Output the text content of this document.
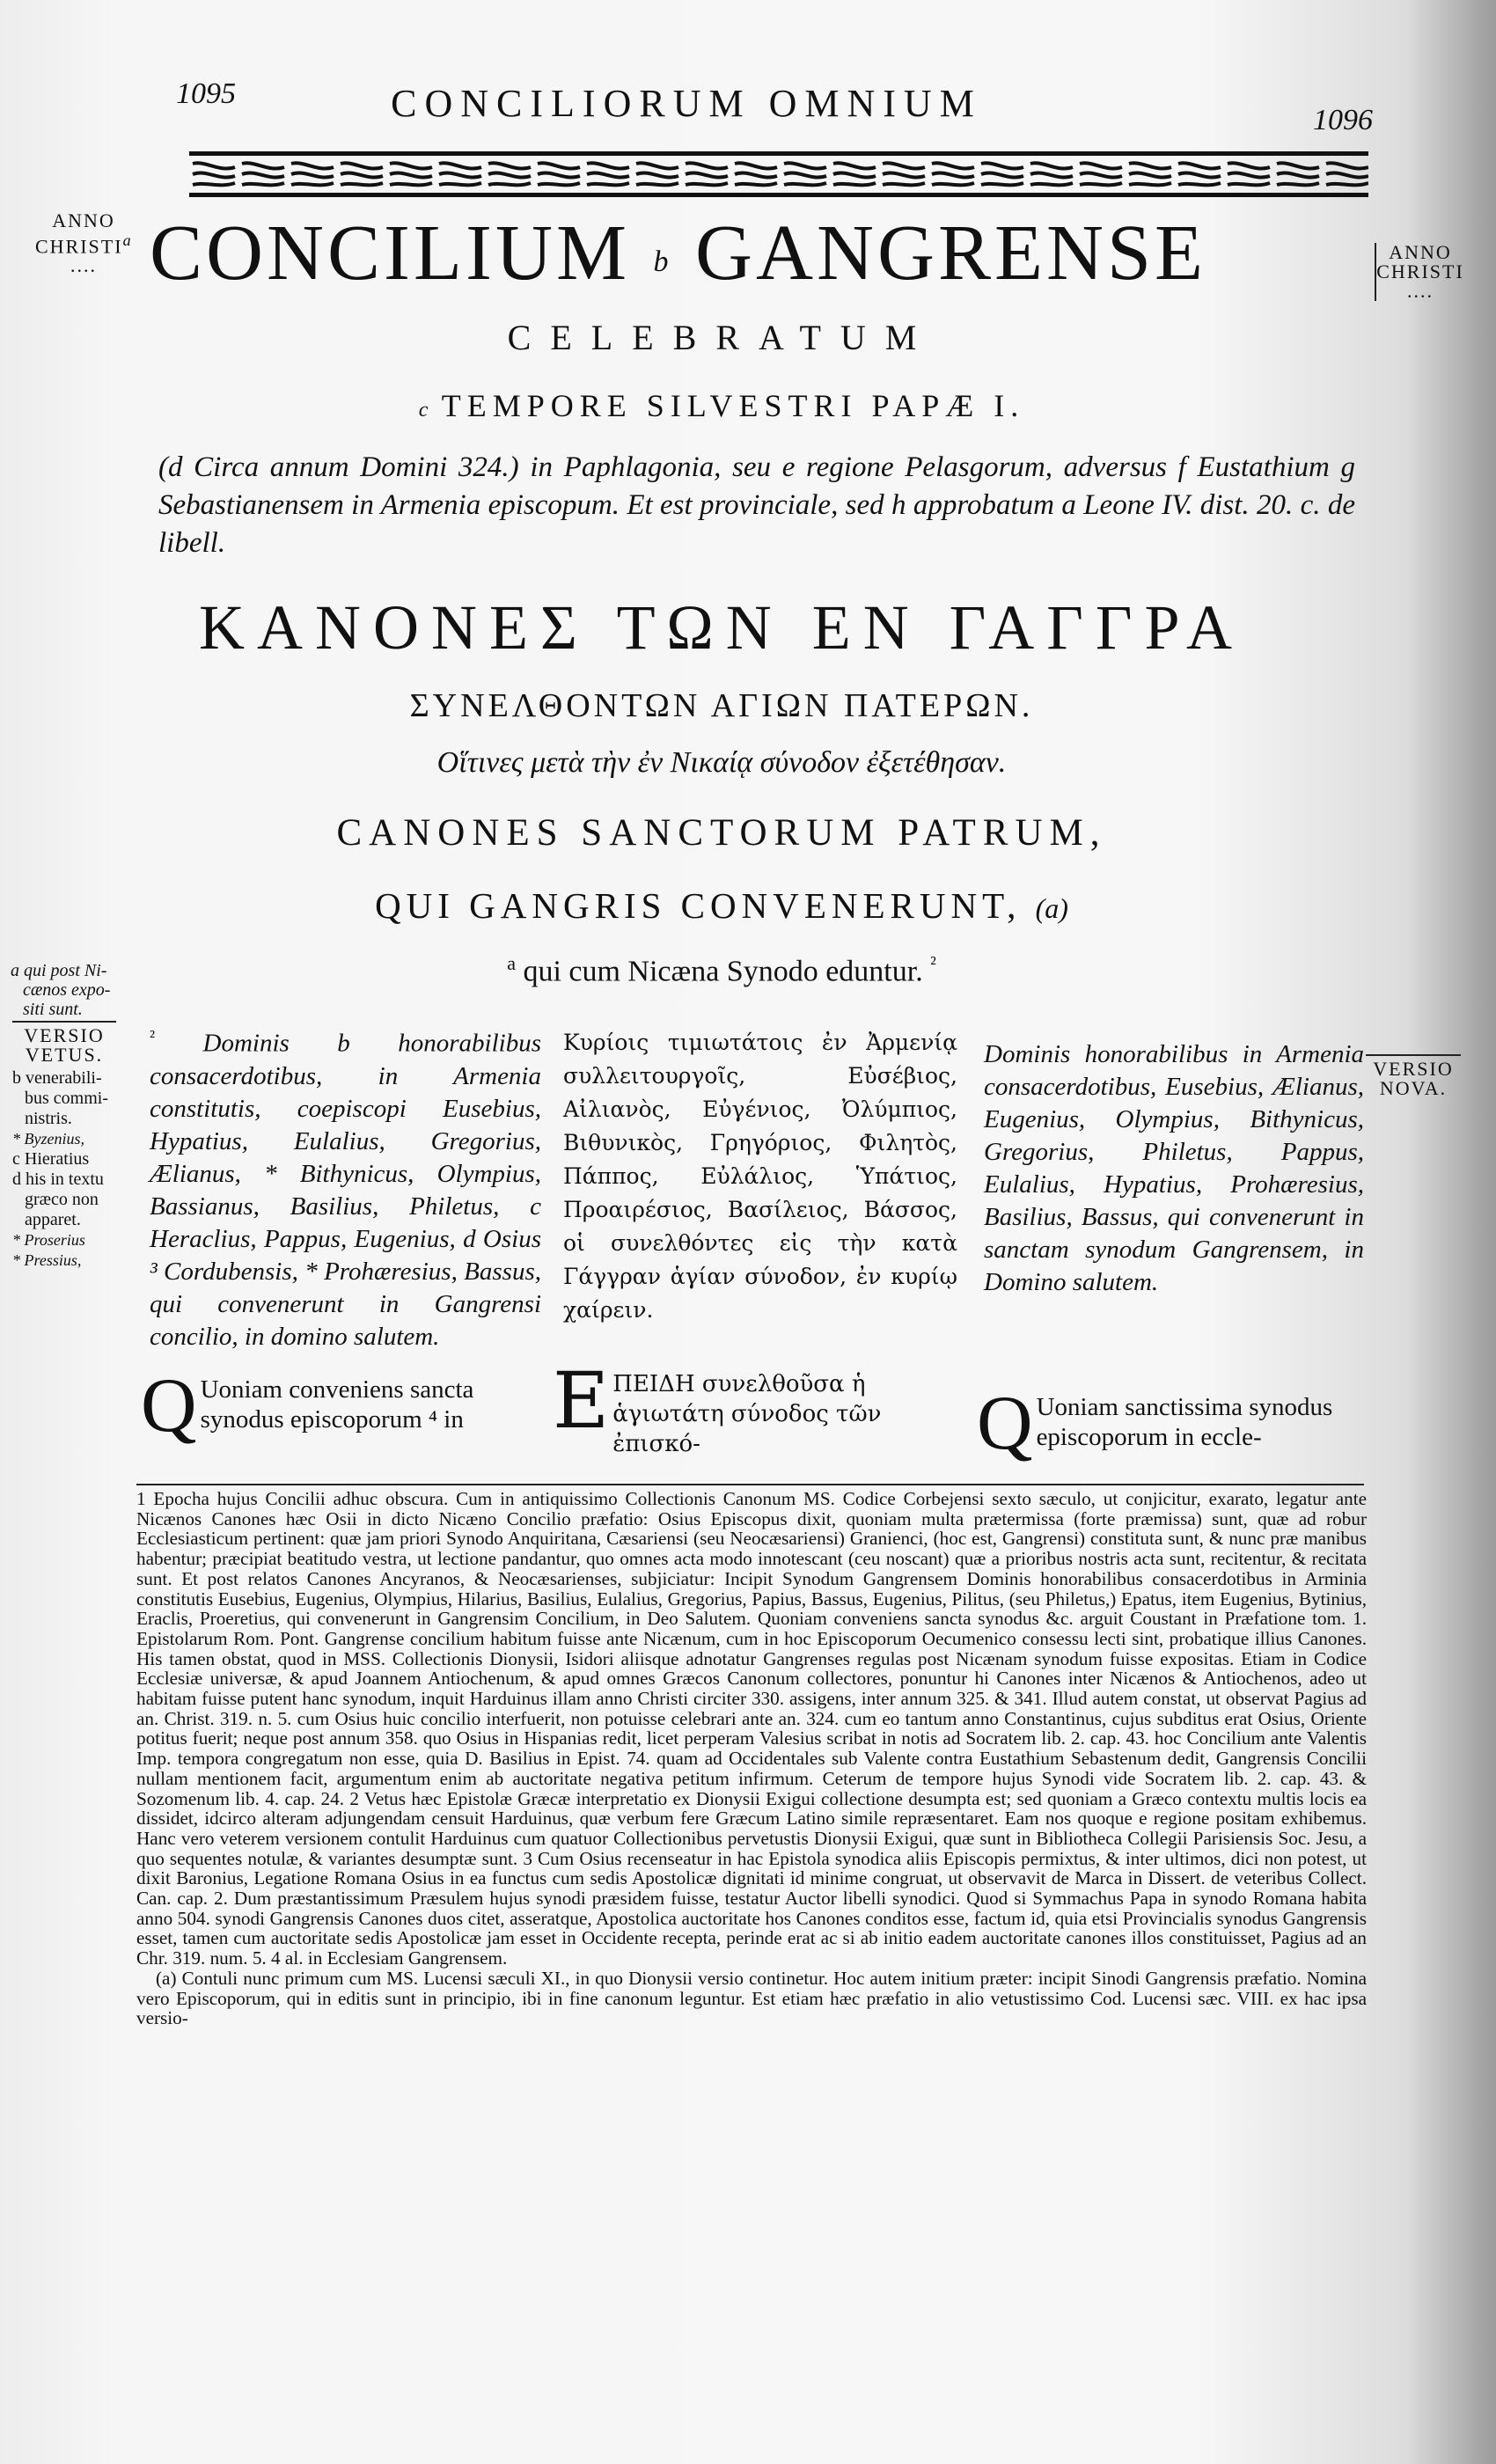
1095	CONCILIORUM OMNIUM	1096
ANNO
CHRISTI$^a$
.... CONCILIUM $^b$ GANGRENSE	ANNO
CHRISTI
....
CELEBRATUM
c TEMPORE SILVESTRI PAPÆ I.
(d Circa annum Domini 324.) in Paphlagonia, seu e regione Pelasgorum, adversus f Eustathium g Sebastianensem in Armenia episcopum. Et est provinciale, sed h approbatum a Leone IV. dist. 20. c. de libell.
ΚΑΝΟΝΕΣ ΤΩΝ ΕΝ ΓΑΓΓΡΑ
ΣΥΝΕΛΘΟΝΤΩΝ ΑΓΙΩΝ ΠΑΤΕΡΩΝ.
Οἵτινες μετὰ τὴν ἐν Νικαίᾳ σύνοδον ἐξετέθησαν.
CANONES SANCTORUM PATRUM,
QUI GANGRIS CONVENERUNT, (a)
$^a$ qui cum Nicæna Synodo eduntur. $^{^2}$
a qui post Ni-
cænos expo-
siti sunt.
VERSIO
VETUS.
b venerabili-
bus commi-
nistris.
* Byzenius,
c Hieratius
d his in textu
græco non
apparet.
* Proserius
* Pressius,
VERSIO
NOVA.
$^{^2}$ Dominis b honorabilibus consacerdotibus, in Armenia constitutis, coepiscopi Eusebius, Hypatius, Eulalius, Gregorius, Ælianus, * Bithynicus, Olympius, Bassianus, Basilius, Philetus, c Heraclius, Pappus, Eugenius, d Osius ³ Cordubensis, * Prohæresius, Bassus, qui convenerunt in Gangrensi concilio, in domino salutem.
Κυρίοις τιμιωτάτοις ἐν Ἀρμενίᾳ συλλειτουργοῖς, Εὐσέβιος, Αἰλιανὸς, Εὐγένιος, Ὀλύμπιος, Βιθυνικὸς, Γρηγόριος, Φιλητὸς, Πάππος, Εὐλάλιος, Ὑπάτιος, Προαιρέσιος, Βασίλειος, Βάσσος, οἱ συνελθόντες εἰς τὴν κατὰ Γάγγραν ἁγίαν σύνοδον, ἐν κυρίῳ χαίρειν.
Dominis honorabilibus in Armenia consacerdotibus, Eusebius, Ælianus, Eugenius, Olympius, Bithynicus, Gregorius, Philetus, Pappus, Eulalius, Hypatius, Prohæresius, Basilius, Bassus, qui convenerunt in sanctam synodum Gangrensem, in Domino salutem.
Q Uoniam conveniens sancta synodus episcoporum ⁴ in	Ε ΠΕΙΔΗ συνελθοῦσα ἡ ἁγιωτάτη σύνοδος τῶν ἐπισκό-	Q Uoniam sanctissima synodus episcoporum in eccle-

1 Epocha hujus Concilii adhuc obscura. Cum in antiquissimo Collectionis Canonum MS. Codice Corbejensi sexto sæculo, ut conjicitur, exarato, legatur ante Nicænos Canones hæc Osii in dicto Nicæno Concilio præfatio: Osius Episcopus dixit, quoniam multa prætermissa (forte præmissa) sunt, quæ ad robur Ecclesiasticum pertinent: quæ jam priori Synodo Anquiritana, Cæsariensi (seu Neocæsariensi) Granienci, (hoc est, Gangrensi) constituta sunt, & nunc præ manibus habentur; præcipiat beatitudo vestra, ut lectione pandantur, quo omnes acta modo innotescant (ceu noscant) quæ a prioribus nostris acta sunt, recitentur, & recitata sunt. Et post relatos Canones Ancyranos, & Neocæsarienses, subjiciatur: Incipit Synodum Gangrensem Dominis honorabilibus consacerdotibus in Arminia constitutis Eusebius, Eugenius, Olympius, Hilarius, Basilius, Eulalius, Gregorius, Papius, Bassus, Eugenius, Pilitus, (seu Philetus,) Epatus, item Eugenius, Bytinius, Eraclis, Proeretius, qui convenerunt in Gangrensim Concilium, in Deo Salutem. Quoniam conveniens sancta synodus &c. arguit Coustant in Præfatione tom. 1. Epistolarum Rom. Pont. Gangrense concilium habitum fuisse ante Nicænum, cum in hoc Episcoporum Oecumenico consessu lecti sint, probatique illius Canones. His tamen obstat, quod in MSS. Collectionis Dionysii, Isidori aliisque adnotatur Gangrenses regulas post Nicænam synodum fuisse expositas. Etiam in Codice Ecclesiæ universæ, & apud Joannem Antiochenum, & apud omnes Græcos Canonum collectores, ponuntur hi Canones inter Nicænos & Antiochenos, adeo ut habitam fuisse putent hanc synodum, inquit Harduinus illam anno Christi circiter 330. assigens, inter annum 325. & 341. Illud autem constat, ut observat Pagius ad an. Christ. 319. n. 5. cum Osius huic concilio interfuerit, non potuisse celebrari ante an. 324. cum eo tantum anno Constantinus, cujus subditus erat Osius, Oriente potitus fuerit; neque post annum 358. quo Osius in Hispanias redit, licet perperam Valesius scribat in notis ad Socratem lib. 2. cap. 43. hoc Concilium ante Valentis Imp. tempora congregatum non esse, quia D. Basilius in Epist. 74. quam ad Occidentales sub Valente contra Eustathium Sebastenum dedit, Gangrensis Concilii nullam mentionem facit, argumentum enim ab auctoritate negativa petitum infirmum. Ceterum de tempore hujus Synodi vide Socratem lib. 2. cap. 43. & Sozomenum lib. 4. cap. 24. 2 Vetus hæc Epistolæ Græcæ interpretatio ex Dionysii Exigui collectione desumpta est; sed quoniam a Græco contextu multis locis ea dissidet, idcirco alteram adjungendam censuit Harduinus, quæ verbum fere Græcum Latino simile repræsentaret. Eam nos quoque e regione positam exhibemus. Hanc vero veterem versionem contulit Harduinus cum quatuor Collectionibus pervetustis Dionysii Exigui, quæ sunt in Bibliotheca Collegii Parisiensis Soc. Jesu, a quo sequentes notulæ, & variantes desumptæ sunt. 3 Cum Osius recenseatur in hac Epistola synodica aliis Episcopis permixtus, & inter ultimos, dici non potest, ut dixit Baronius, Legatione Romana Osius in ea functus cum sedis Apostolicæ dignitati id minime congruat, ut observavit de Marca in Dissert. de veteribus Collect. Can. cap. 2. Dum præstantissimum Præsulem hujus synodi præsidem fuisse, testatur Auctor libelli synodici. Quod si Symmachus Papa in synodo Romana habita anno 504. synodi Gangrensis Canones duos citet, asseratque, Apostolica auctoritate hos Canones conditos esse, factum id, quia etsi Provincialis synodus Gangrensis esset, tamen cum auctoritate sedis Apostolicæ jam esset in Occidente recepta, perinde erat ac si ab initio eadem auctoritate canones illos constituisset, Pagius ad an Chr. 319. num. 5. 4 al. in Ecclesiam Gangrensem.

(a) Contuli nunc primum cum MS. Lucensi sæculi XI., in quo Dionysii versio continetur. Hoc autem initium præter: incipit Sinodi Gangrensis præfatio. Nomina vero Episcoporum, qui in editis sunt in principio, ibi in fine canonum leguntur. Est etiam hæc præfatio in alio vetustissimo Cod. Lucensi sæc. VIII. ex hac ipsa versio-
